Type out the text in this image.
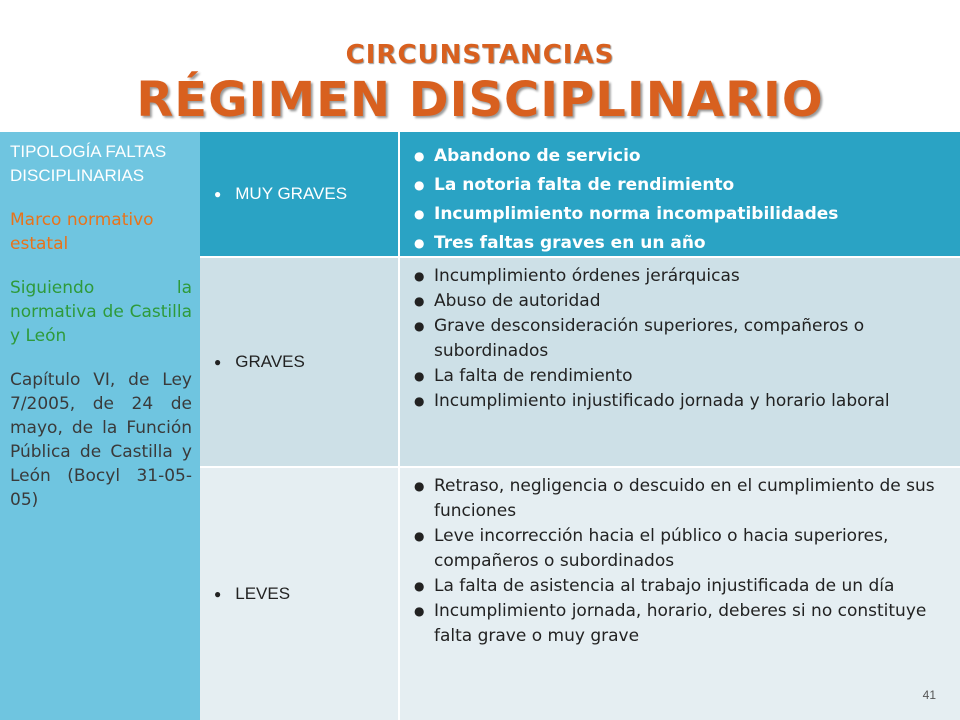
CIRCUNSTANCIAS
RÉGIMEN DISCIPLINARIO
TIPOLOGÍA FALTAS DISCIPLINARIAS
Marco normativo estatal
Siguiendo la normativa de Castilla y León
Capítulo VI, de Ley 7/2005, de 24 de mayo, de la Función Pública de Castilla y León (Bocyl 31-05-05)
● MUY GRAVES
● Abandono de servicio
● La notoria falta de rendimiento
● Incumplimiento norma incompatibilidades
● Tres faltas graves en un año
● GRAVES
● Incumplimiento órdenes jerárquicas
● Abuso de autoridad
● Grave desconsideración superiores, compañeros o subordinados
● La falta de rendimiento
● Incumplimiento injustificado jornada y horario laboral
● LEVES
● Retraso, negligencia o descuido en el cumplimiento de sus funciones
● Leve incorrección hacia el público o hacia superiores, compañeros o subordinados
● La falta de asistencia al trabajo injustificada de un día
● Incumplimiento jornada, horario, deberes si no constituye falta grave o muy grave
41
